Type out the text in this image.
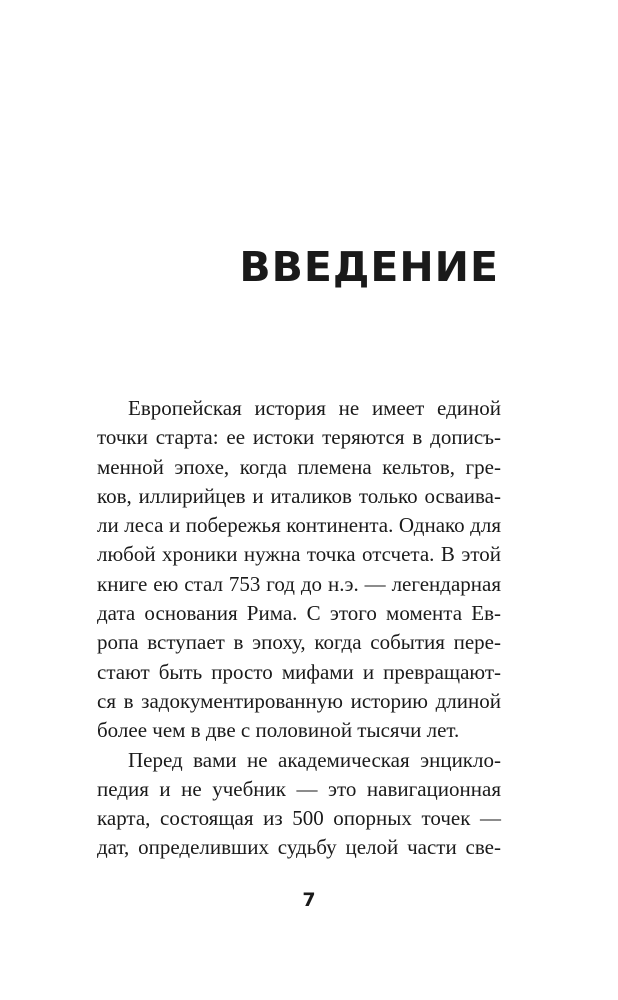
ВВЕДЕНИЕ
Европейская история не имеет единой
точки старта: ее истоки теряются в дописъ-
менной эпохе, когда племена кельтов, гре-
ков, иллирийцев и италиков только осваива-
ли леса и побережья континента. Однако для
любой хроники нужна точка отсчета. В этой
книге ею стал 753 год до н.э. — легендарная
дата основания Рима. С этого момента Ев-
ропа вступает в эпоху, когда события пере-
стают быть просто мифами и превращают-
ся в задокументированную историю длиной
более чем в две с половиной тысячи лет.
Перед вами не академическая энцикло-
педия и не учебник — это навигационная
карта, состоящая из 500 опорных точек —
дат, определивших судьбу целой части све-
7
